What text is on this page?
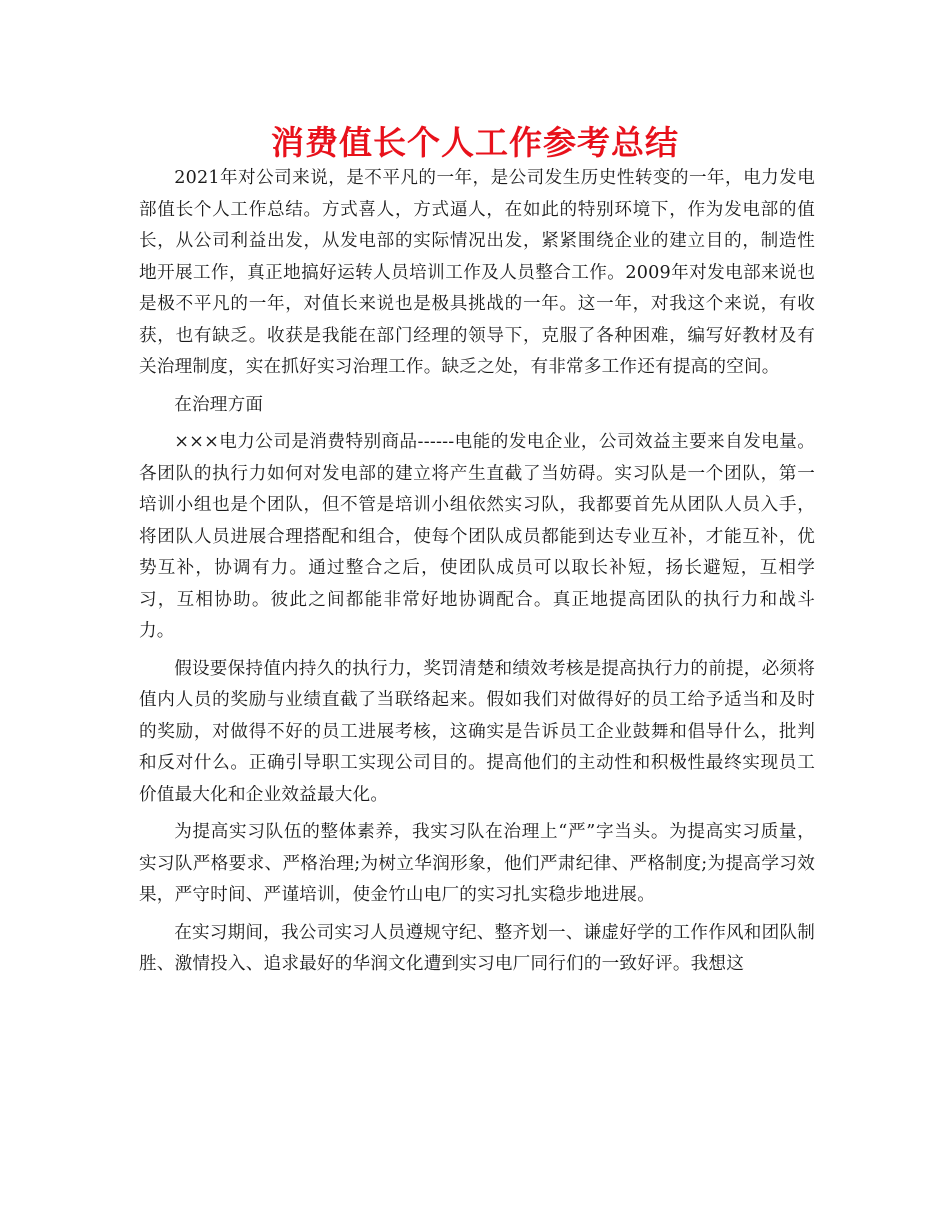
消费值长个人工作参考总结

2021年对公司来说，是不平凡的一年，是公司发生历史性转变的一年，电力发电部值长个人工作总结。方式喜人，方式逼人，在如此的特别环境下，作为发电部的值长，从公司利益出发，从发电部的实际情况出发，紧紧围绕企业的建立目的，制造性地开展工作，真正地搞好运转人员培训工作及人员整合工作。2009年对发电部来说也是极不平凡的一年，对值长来说也是极具挑战的一年。这一年，对我这个来说，有收获，也有缺乏。收获是我能在部门经理的领导下，克服了各种困难，编写好教材及有关治理制度，实在抓好实习治理工作。缺乏之处，有非常多工作还有提高的空间。

在治理方面

×××电力公司是消费特别商品------电能的发电企业，公司效益主要来自发电量。各团队的执行力如何对发电部的建立将产生直截了当妨碍。实习队是一个团队，第一培训小组也是个团队，但不管是培训小组依然实习队，我都要首先从团队人员入手，将团队人员进展合理搭配和组合，使每个团队成员都能到达专业互补，才能互补，优势互补，协调有力。通过整合之后，使团队成员可以取长补短，扬长避短，互相学习，互相协助。彼此之间都能非常好地协调配合。真正地提高团队的执行力和战斗力。

假设要保持值内持久的执行力，奖罚清楚和绩效考核是提高执行力的前提，必须将值内人员的奖励与业绩直截了当联络起来。假如我们对做得好的员工给予适当和及时的奖励，对做得不好的员工进展考核，这确实是告诉员工企业鼓舞和倡导什么，批判和反对什么。正确引导职工实现公司目的。提高他们的主动性和积极性最终实现员工价值最大化和企业效益最大化。

为提高实习队伍的整体素养，我实习队在治理上“严”字当头。为提高实习质量，实习队严格要求、严格治理;为树立华润形象，他们严肃纪律、严格制度;为提高学习效果，严守时间、严谨培训，使金竹山电厂的实习扎实稳步地进展。

在实习期间，我公司实习人员遵规守纪、整齐划一、谦虚好学的工作作风和团队制胜、激情投入、追求最好的华润文化遭到实习电厂同行们的一致好评。我想这
